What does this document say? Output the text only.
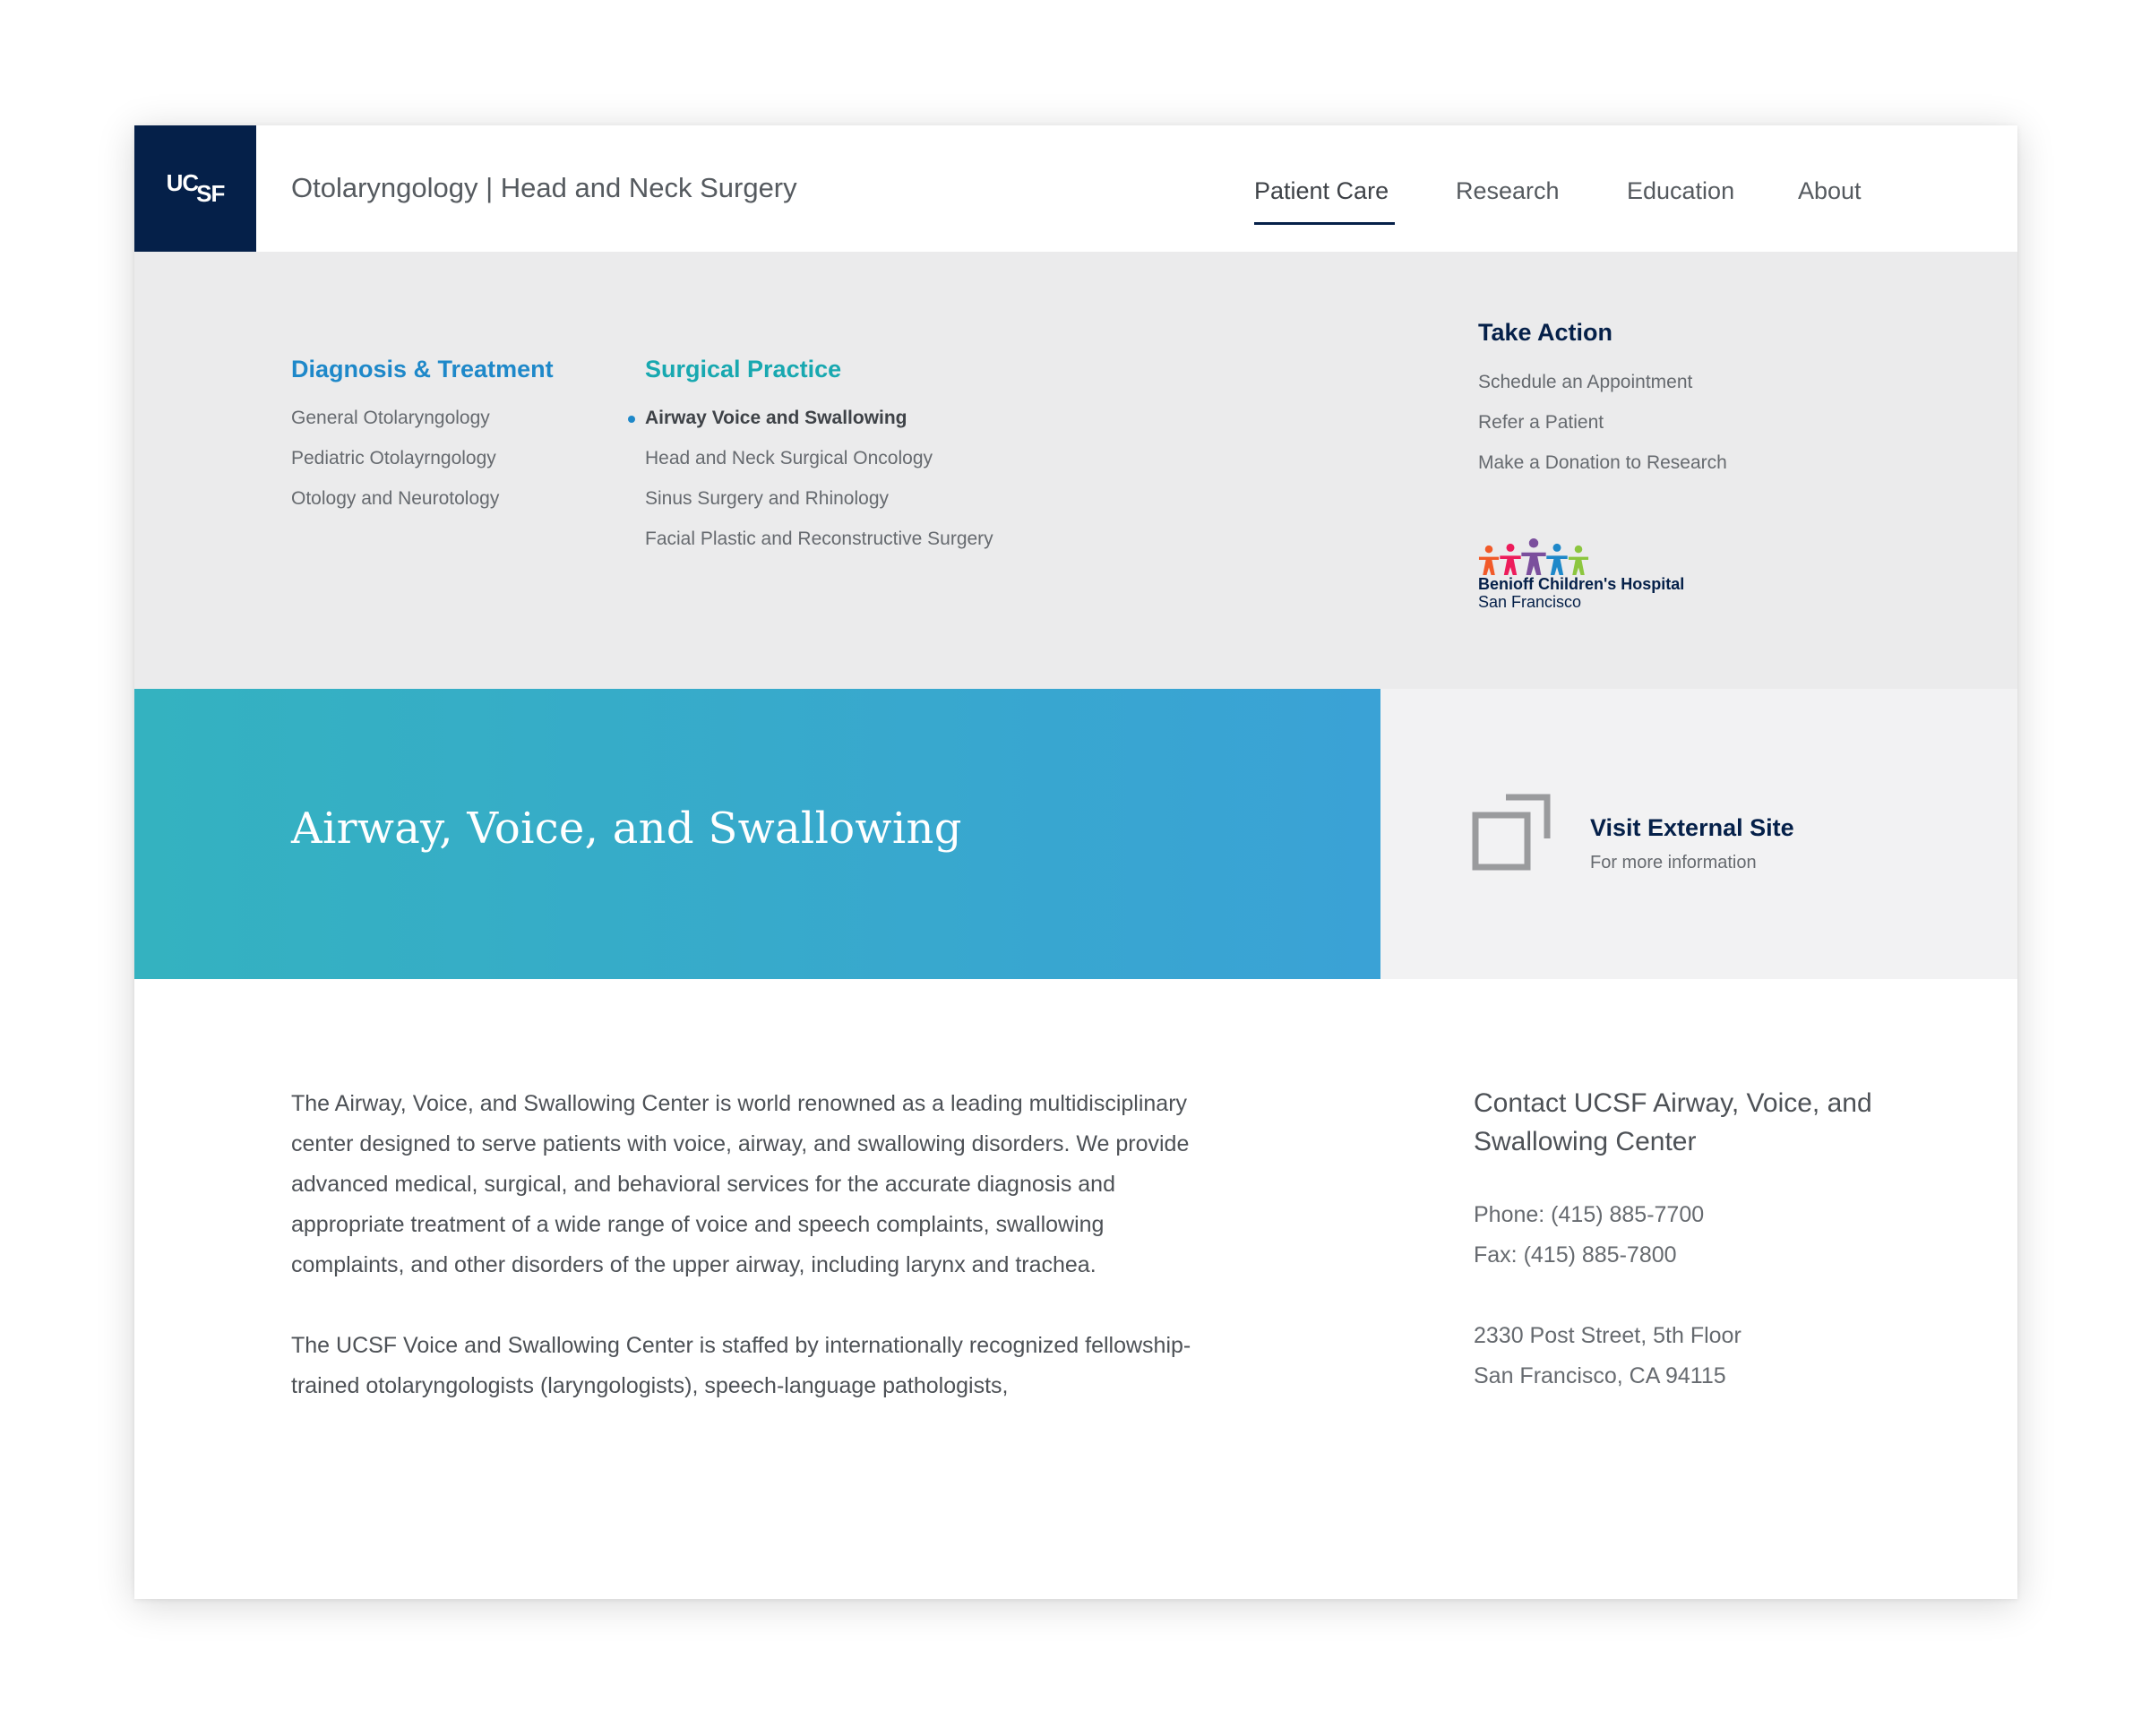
UCSF Otolaryngology | Head and Neck Surgery	Patient Care	Research	Education	About
Diagnosis & Treatment
General Otolaryngology
Pediatric Otolayrngology
Otology and Neurotology
Surgical Practice
Airway Voice and Swallowing
Head and Neck Surgical Oncology
Sinus Surgery and Rhinology
Facial Plastic and Reconstructive Surgery
Take Action
Schedule an Appointment
Refer a Patient
Make a Donation to Research
Benioff Children's Hospital
San Francisco
Airway, Voice, and Swallowing	Visit External Site
For more information

The Airway, Voice, and Swallowing Center is world renowned as a leading multidisciplinary center designed to serve patients with voice, airway, and swallowing disorders. We provide advanced medical, surgical, and behavioral services for the accurate diagnosis and appropriate treatment of a wide range of voice and speech complaints, swallowing complaints, and other disorders of the upper airway, including larynx and trachea.

The UCSF Voice and Swallowing Center is staffed by internationally recognized fellowship-trained otolaryngologists (laryngologists), speech-language pathologists,

Contact UCSF Airway, Voice, and Swallowing Center
Phone: (415) 885-7700
Fax: (415) 885-7800
2330 Post Street, 5th Floor
San Francisco, CA 94115
